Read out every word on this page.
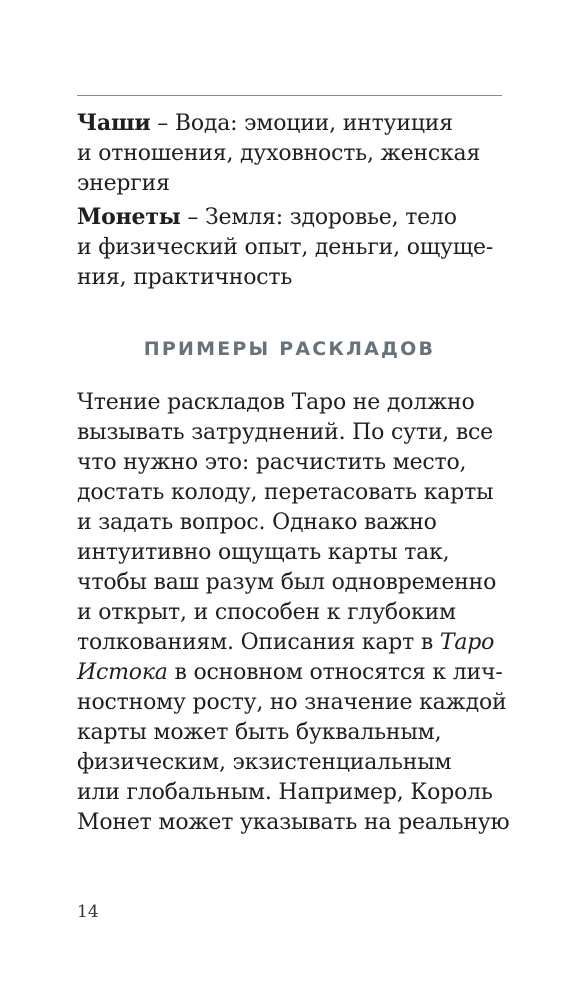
Чаши – Вода: эмоции, интуиция
и отношения, духовность, женская
энергия

Монеты – Земля: здоровье, тело
и физический опыт, деньги, ощуще-
ния, практичность

ПРИМЕРЫ РАСКЛАДОВ

Чтение раскладов Таро не должно
вызывать затруднений. По сути, все
что нужно это: расчистить место,
достать колоду, перетасовать карты
и задать вопрос. Однако важно
интуитивно ощущать карты так,
чтобы ваш разум был одновременно
и открыт, и способен к глубоким
толкованиям. Описания карт в Таро
Истока в основном относятся к лич-
ностному росту, но значение каждой
карты может быть буквальным,
физическим, экзистенциальным
или глобальным. Например, Король
Монет может указывать на реальную

14
